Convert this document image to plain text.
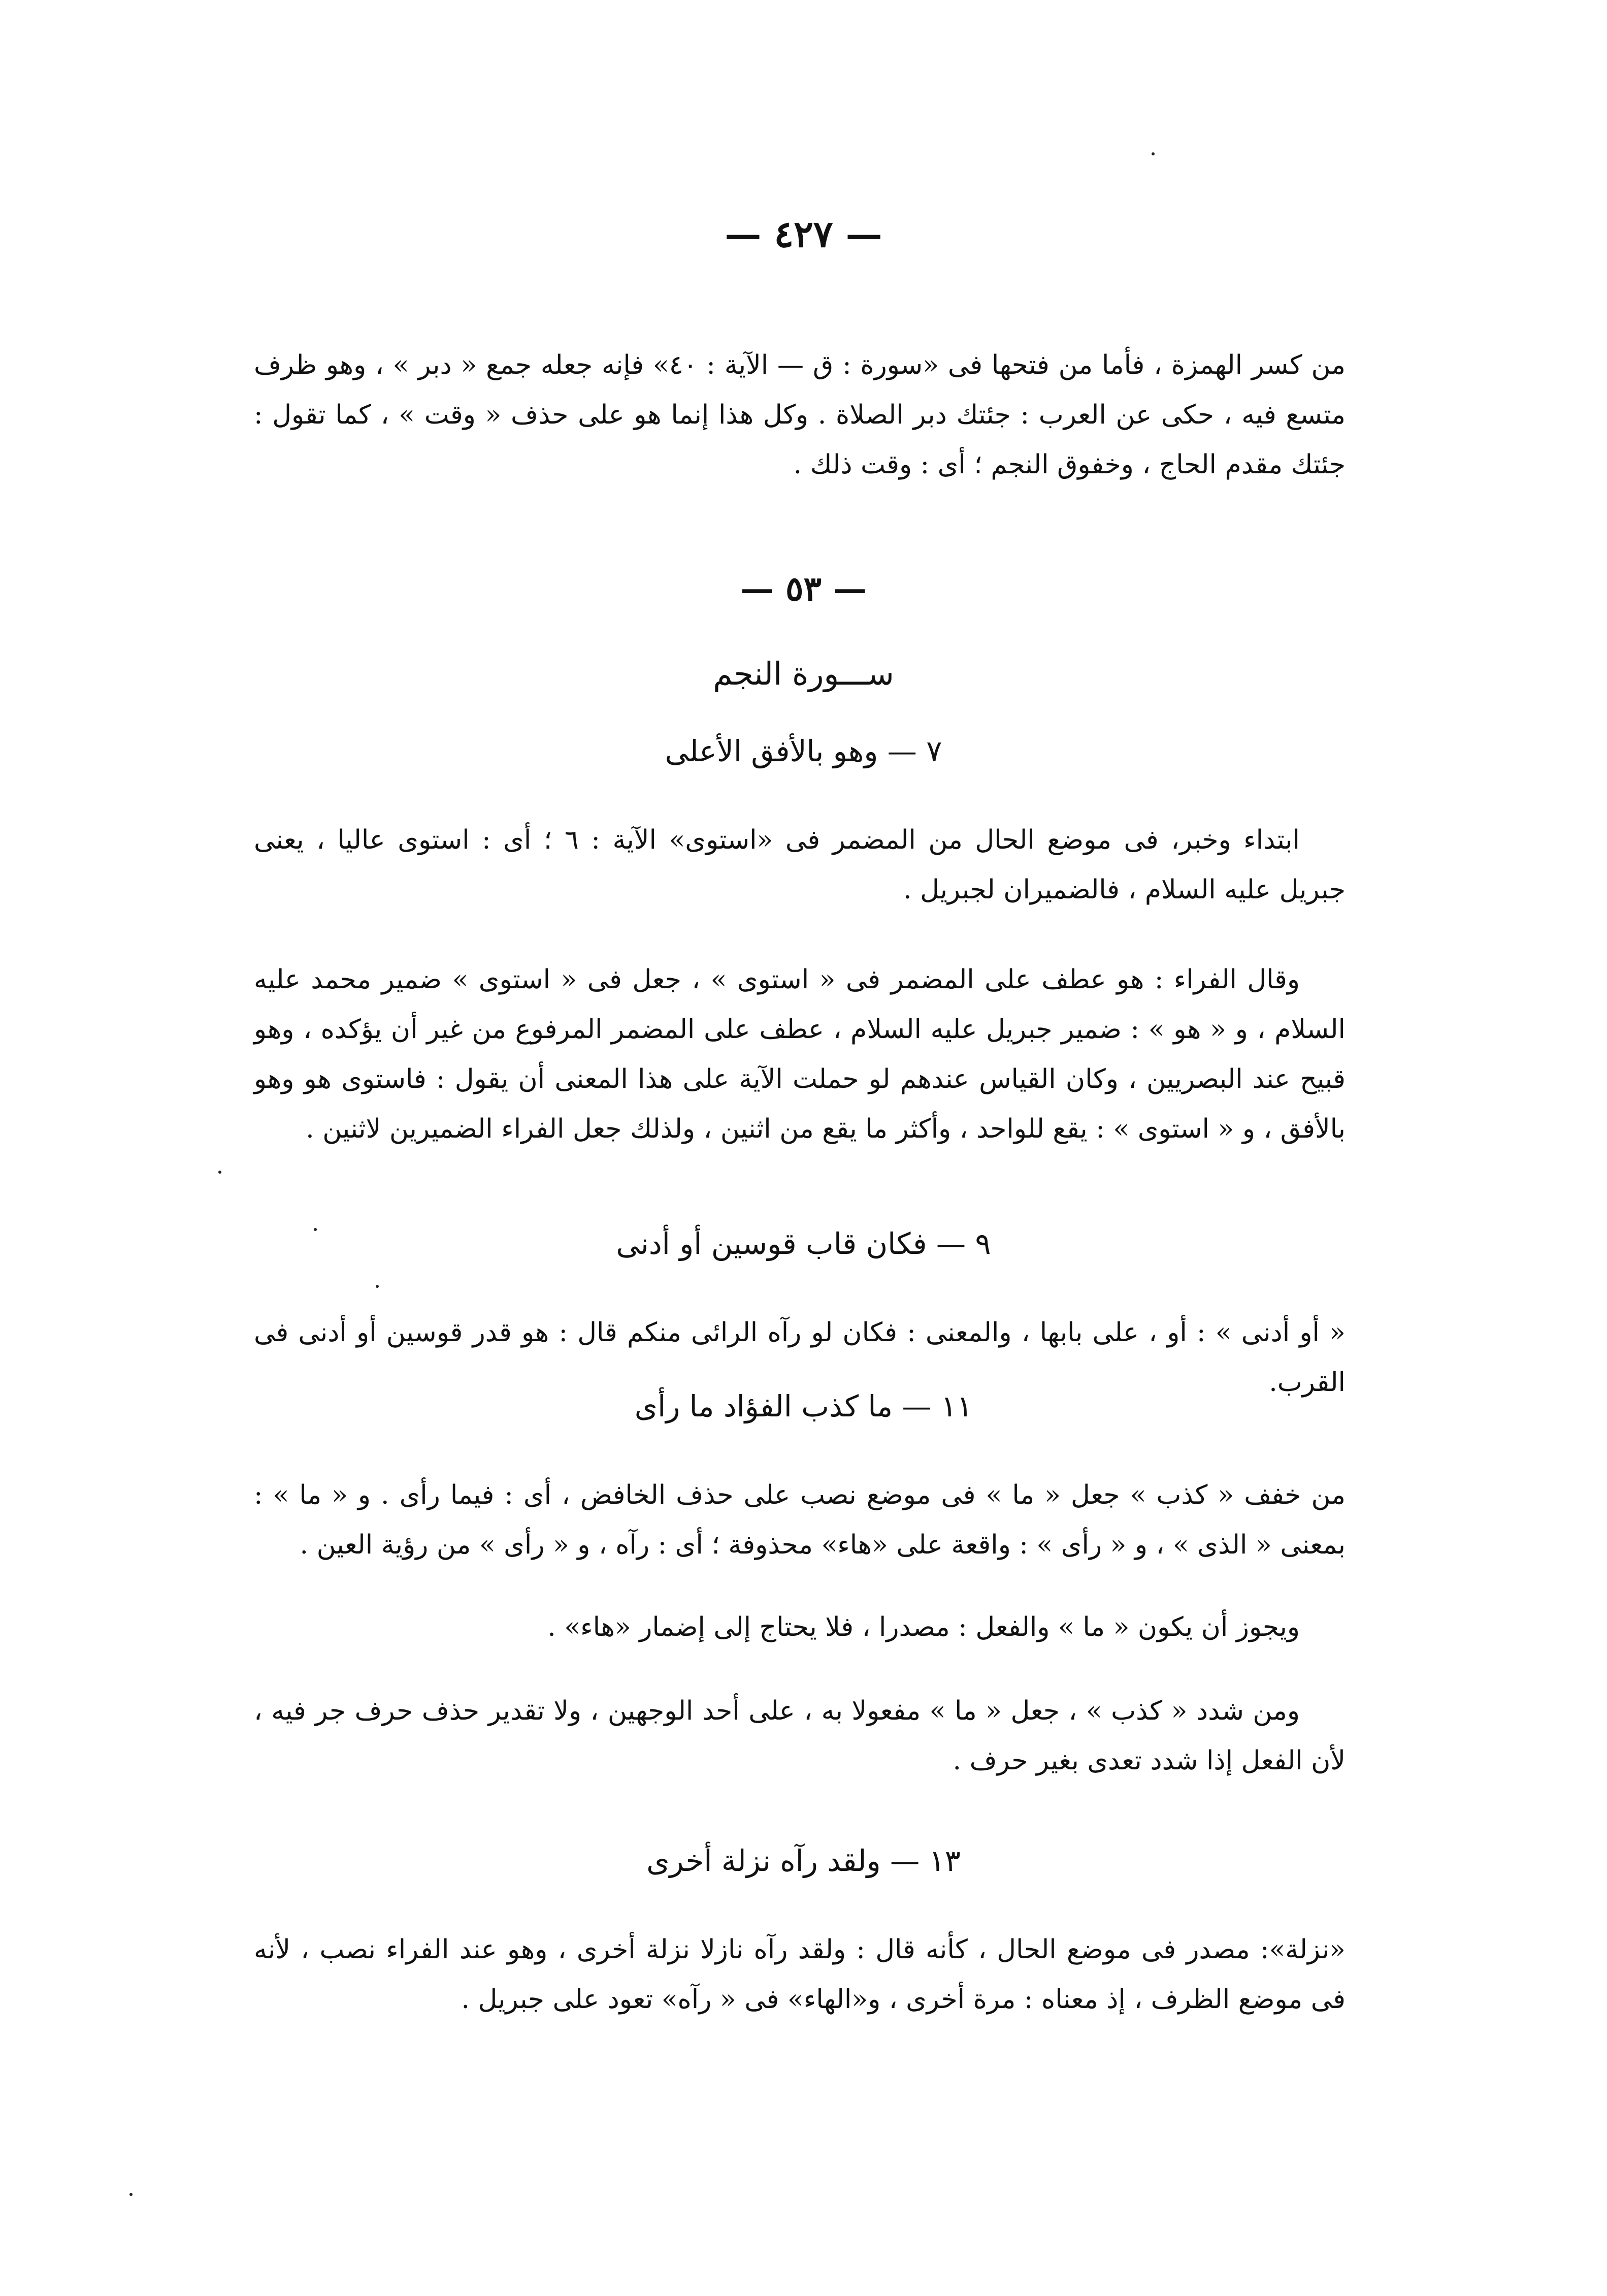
— ٤٢٧ —
من كسر الهمزة ، فأما من فتحها فى «سورة : ق — الآية : ٤٠» فإنه جعله جمع « دبر » ، وهو ظرف متسع فيه ، حكى عن العرب : جئتك دبر الصلاة . وكل هذا إنما هو على حذف « وقت » ، كما تقول : جئتك مقدم الحاج ، وخفوق النجم ؛ أى : وقت ذلك .
— ٥٣ —
ســـورة النجم
٧ — وهو بالأفق الأعلى
ابتداء وخبر، فى موضع الحال من المضمر فى «استوى» الآية : ٦ ؛ أى : استوى عاليا ، يعنى جبريل عليه السلام ، فالضميران لجبريل .
وقال الفراء : هو عطف على المضمر فى « استوى » ، جعل فى « استوى » ضمير محمد عليه السلام ، و « هو » : ضمير جبريل عليه السلام ، عطف على المضمر المرفوع من غير أن يؤكده ، وهو قبيح عند البصريين ، وكان القياس عندهم لو حملت الآية على هذا المعنى أن يقول : فاستوى هو وهو بالأفق ، و « استوى » : يقع للواحد ، وأكثر ما يقع من اثنين ، ولذلك جعل الفراء الضميرين لاثنين .
٩ — فكان قاب قوسين أو أدنى
« أو أدنى » : أو ، على بابها ، والمعنى : فكان لو رآه الرائى منكم قال : هو قدر قوسين أو أدنى فى القرب.
١١ — ما كذب الفؤاد ما رأى
من خفف « كذب » جعل « ما » فى موضع نصب على حذف الخافض ، أى : فيما رأى . و « ما » : بمعنى « الذى » ، و « رأى » : واقعة على «هاء» محذوفة ؛ أى : رآه ، و « رأى » من رؤية العين .
ويجوز أن يكون « ما » والفعل : مصدرا ، فلا يحتاج إلى إضمار «هاء» .
ومن شدد « كذب » ، جعل « ما » مفعولا به ، على أحد الوجهين ، ولا تقدير حذف حرف جر فيه ، لأن الفعل إذا شدد تعدى بغير حرف .
١٣ — ولقد رآه نزلة أخرى
«نزلة»: مصدر فى موضع الحال ، كأنه قال : ولقد رآه نازلا نزلة أخرى ، وهو عند الفراء نصب ، لأنه فى موضع الظرف ، إذ معناه : مرة أخرى ، و«الهاء» فى « رآه» تعود على جبريل .
